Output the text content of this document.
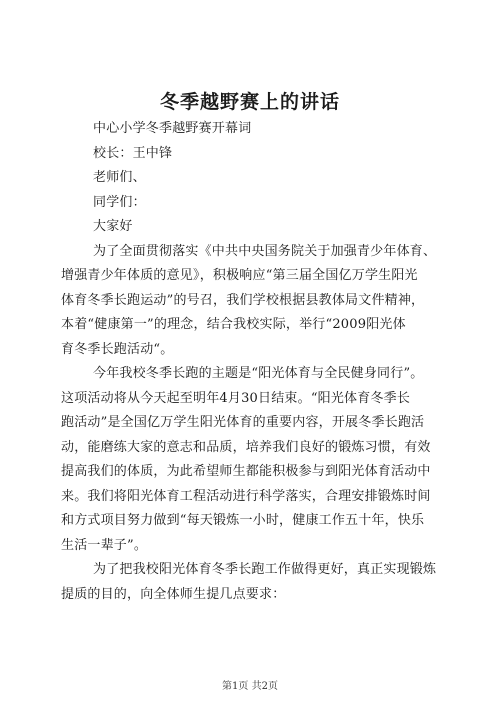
冬季越野赛上的讲话
中心小学冬季越野赛开幕词
校长：王中锋
老师们、
同学们：
大家好
为了全面贯彻落实《中共中央国务院关于加强青少年体育、
增强青少年体质的意见》，积极响应“第三届全国亿万学生阳光
体育冬季长跑运动”的号召，我们学校根据县教体局文件精神，
本着“健康第一”的理念，结合我校实际，举行“2009阳光体
育冬季长跑活动“。
今年我校冬季长跑的主题是“阳光体育与全民健身同行”。
这项活动将从今天起至明年4月30日结束。“阳光体育冬季长
跑活动”是全国亿万学生阳光体育的重要内容，开展冬季长跑活
动，能磨练大家的意志和品质，培养我们良好的锻炼习惯，有效
提高我们的体质，为此希望师生都能积极参与到阳光体育活动中
来。我们将阳光体育工程活动进行科学落实，合理安排锻炼时间
和方式项目努力做到“每天锻炼一小时，健康工作五十年，快乐
生活一辈子”。
为了把我校阳光体育冬季长跑工作做得更好，真正实现锻炼
提质的目的，向全体师生提几点要求：
第1页 共2页
